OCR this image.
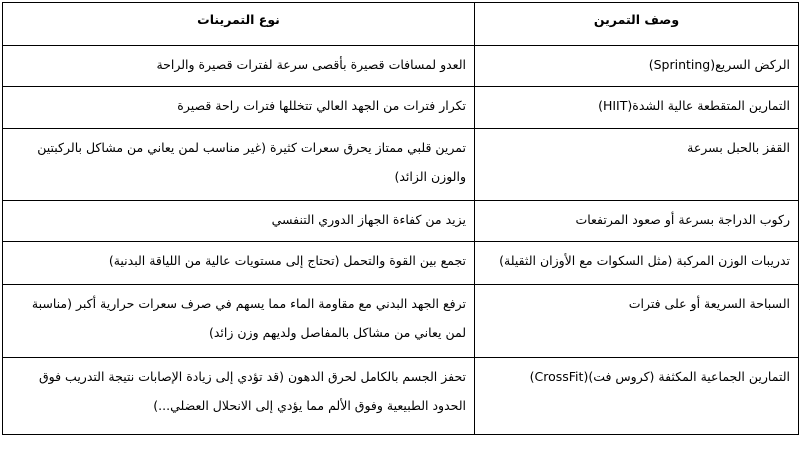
وصف التمرين	نوع التمرينات
الركض السريع(Sprinting)	العدو لمسافات قصيرة بأقصى سرعة لفترات قصيرة والراحة
التمارين المتقطعة عالية الشدة(HIIT)	تكرار فترات من الجهد العالي تتخللها فترات راحة قصيرة
القفز بالحبل بسرعة	تمرين قلبي ممتاز يحرق سعرات كثيرة (غير مناسب لمن يعاني من مشاكل بالركبتين والوزن الزائد)
ركوب الدراجة بسرعة أو صعود المرتفعات	يزيد من كفاءة الجهاز الدوري التنفسي
تدريبات الوزن المركبة (مثل السكوات مع الأوزان الثقيلة)	تجمع بين القوة والتحمل (تحتاج إلى مستويات عالية من اللياقة البدنية)
السباحة السريعة أو على فترات	ترفع الجهد البدني مع مقاومة الماء مما يسهم في صرف سعرات حرارية أكبر (مناسبة لمن يعاني من مشاكل بالمفاصل ولديهم وزن زائد)
التمارين الجماعية المكثفة (كروس فت)(CrossFit)	تحفز الجسم بالكامل لحرق الدهون (قد تؤدي إلى زيادة الإصابات نتيجة التدريب فوق الحدود الطبيعية وفوق الألم مما يؤدي إلى الانحلال العضلي...)
